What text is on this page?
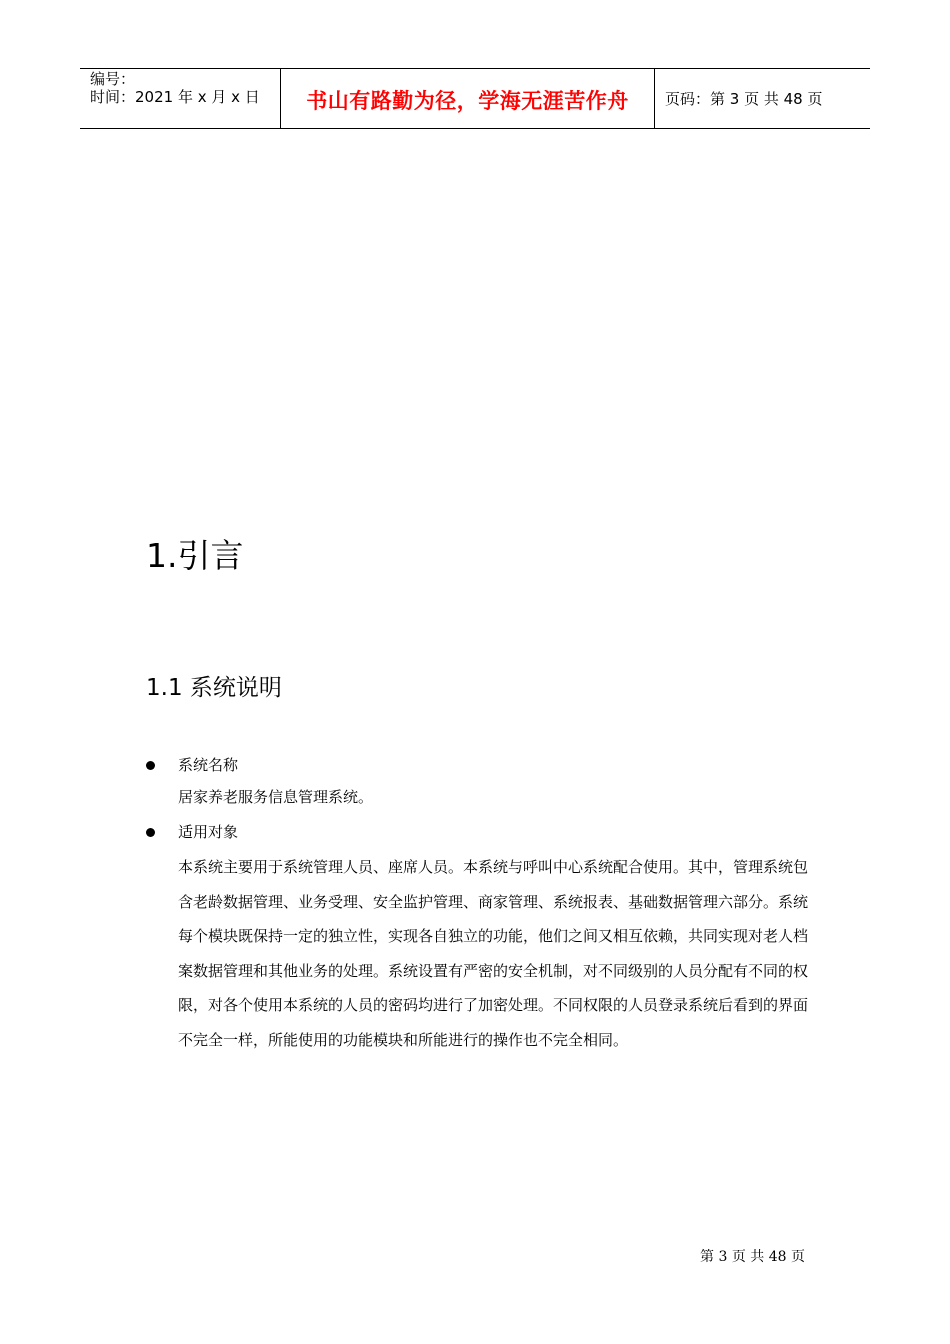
编号：
时间：2021 年 x 月 x 日	书山有路勤为径，学海无涯苦作舟 页码：第 3 页 共 48 页
1.引言
1.1 系统说明
系统名称
居家养老服务信息管理系统。
适用对象
本系统主要用于系统管理人员、座席人员。本系统与呼叫中心系统配合使用。其中，管理系统包含老龄数据管理、业务受理、安全监护管理、商家管理、系统报表、基础数据管理六部分。系统每个模块既保持一定的独立性，实现各自独立的功能，他们之间又相互依赖，共同实现对老人档案数据管理和其他业务的处理。系统设置有严密的安全机制，对不同级别的人员分配有不同的权限，对各个使用本系统的人员的密码均进行了加密处理。不同权限的人员登录系统后看到的界面不完全一样，所能使用的功能模块和所能进行的操作也不完全相同。
第 3 页 共 48 页
